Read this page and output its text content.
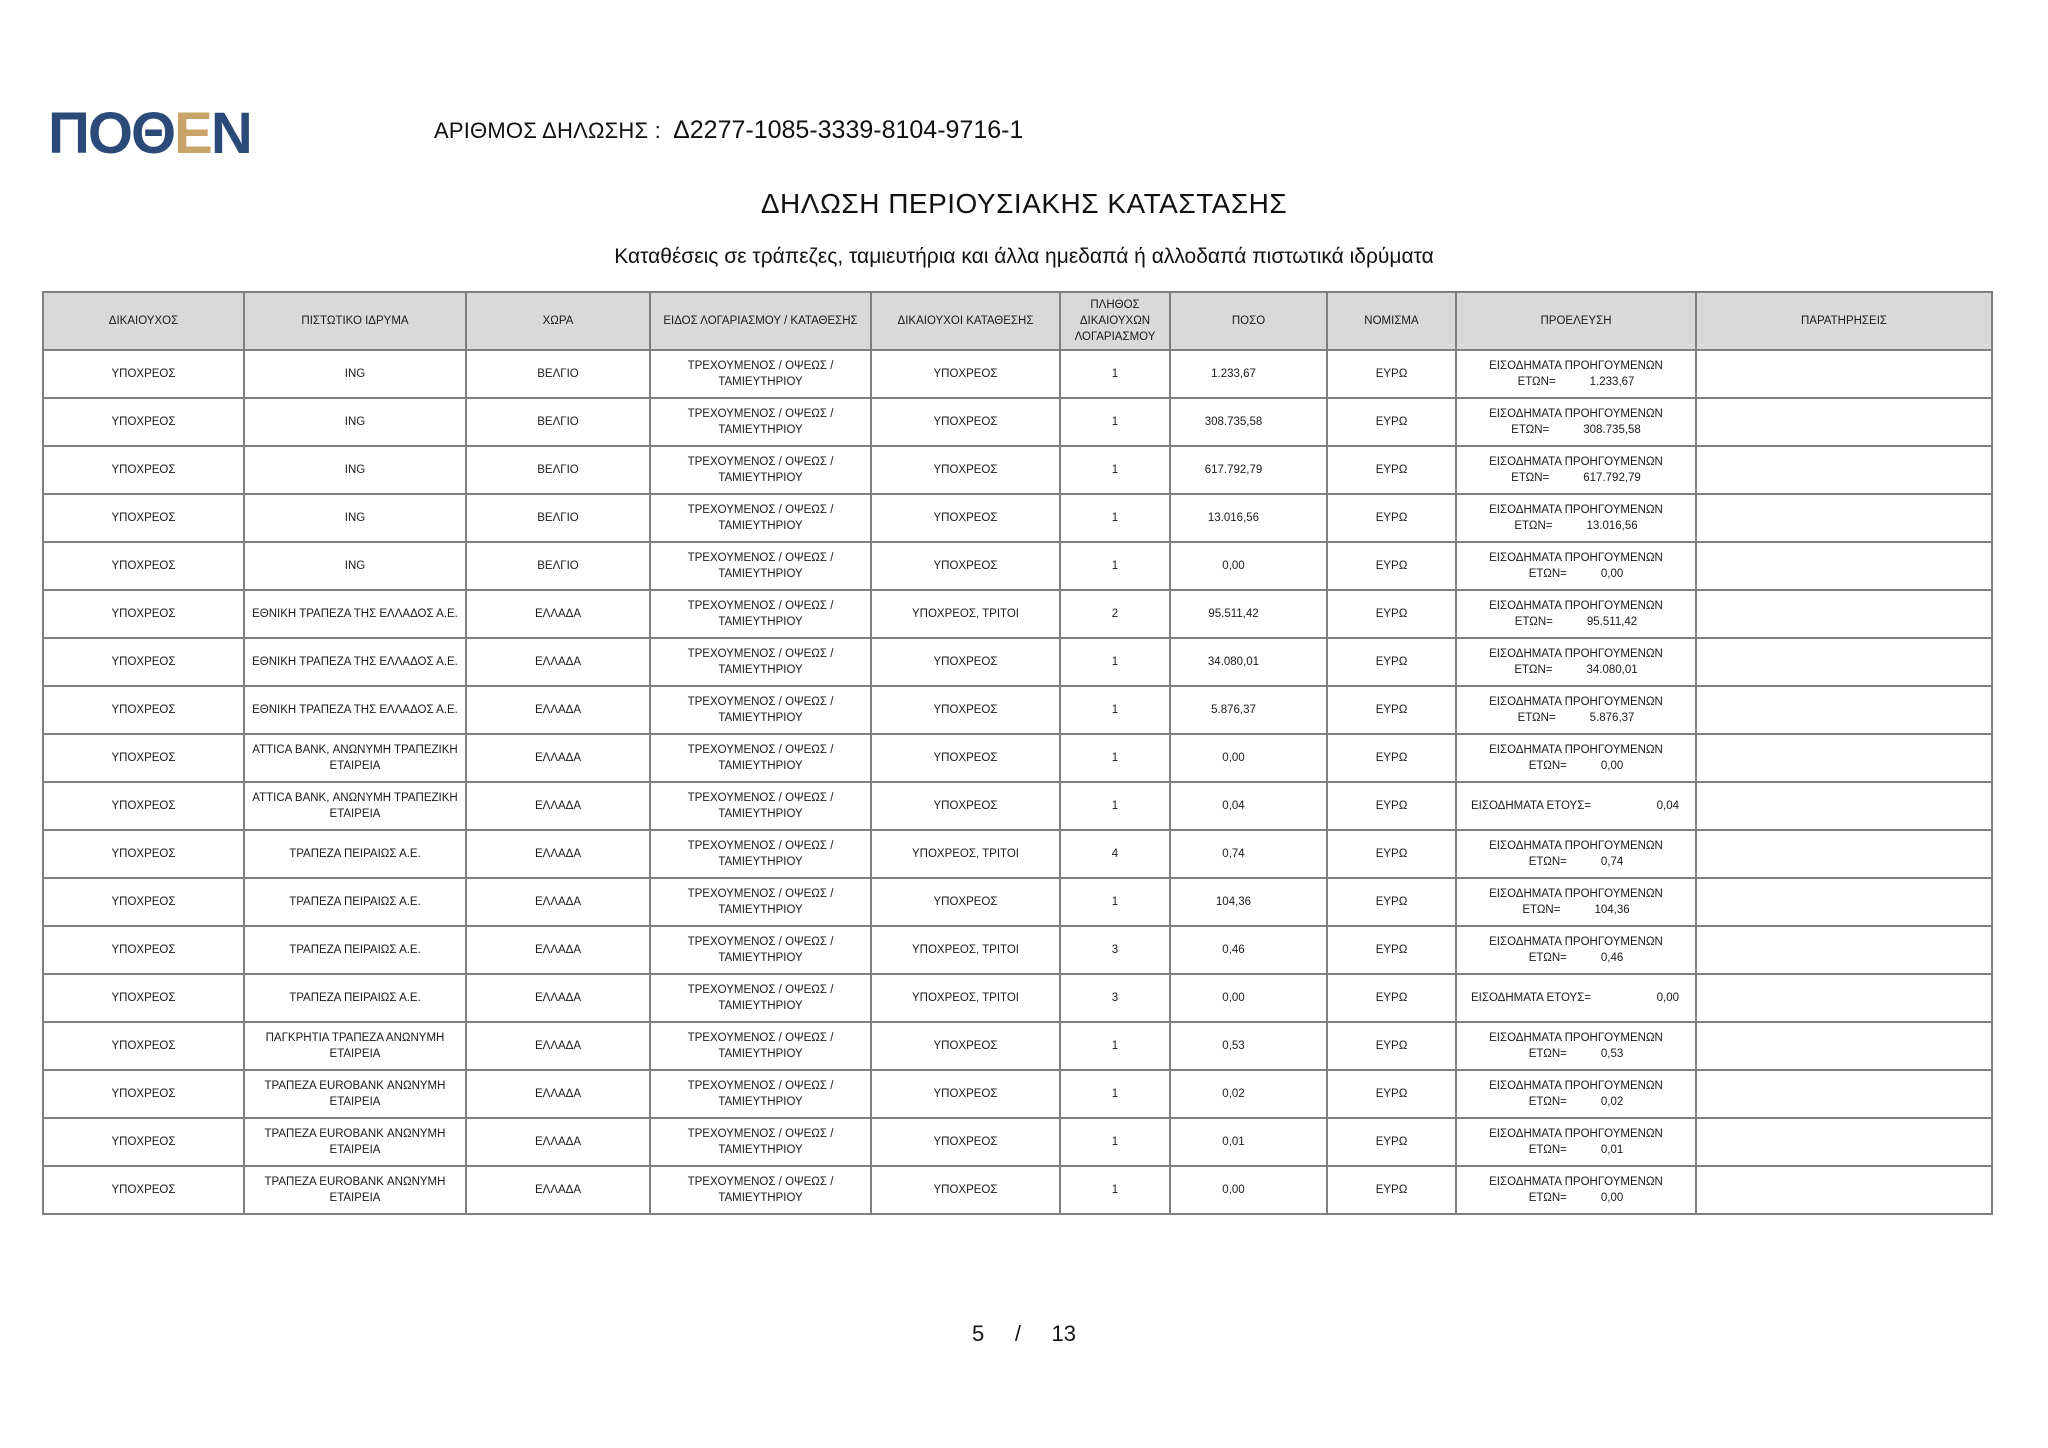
ΠΟΘ Ε Ν	ΑΡΙΘΜΟΣ ΔΗΛΩΣΗΣ : Δ2277-1085-3339-8104-9716-1
ΔΗΛΩΣΗ ΠΕΡΙΟΥΣΙΑΚΗΣ ΚΑΤΑΣΤΑΣΗΣ
Καταθέσεις σε τράπεζες, ταμιευτήρια και άλλα ημεδαπά ή αλλοδαπά πιστωτικά ιδρύματα
ΔΙΚΑΙΟΥΧΟΣ	ΠΙΣΤΩΤΙΚΟ ΙΔΡΥΜΑ	ΧΩΡΑ	ΕΙΔΟΣ ΛΟΓΑΡΙΑΣΜΟΥ / ΚΑΤΑΘΕΣΗΣ	ΔΙΚΑΙΟΥΧΟΙ ΚΑΤΑΘΕΣΗΣ	ΠΛΗΘΟΣ ΔΙΚΑΙΟΥΧΩΝ ΛΟΓΑΡΙΑΣΜΟΥ	ΠΟΣΟ	ΝΟΜΙΣΜΑ	ΠΡΟΕΛΕΥΣΗ	ΠΑΡΑΤΗΡΗΣΕΙΣ
ΥΠΟΧΡΕΟΣ	ING	ΒΕΛΓΙΟ	ΤΡΕΧΟΥΜΕΝΟΣ / ΟΨΕΩΣ / ΤΑΜΙΕΥΤΗΡΙΟΥ	ΥΠΟΧΡΕΟΣ	1	1.233,67	ΕΥΡΩ	ΕΙΣΟΔΗΜΑΤΑ ΠΡΟΗΓΟΥΜΕΝΩΝ
ΕΤΩΝ= 1.233,67	

ΥΠΟΧΡΕΟΣ	ING	ΒΕΛΓΙΟ	ΤΡΕΧΟΥΜΕΝΟΣ / ΟΨΕΩΣ / ΤΑΜΙΕΥΤΗΡΙΟΥ	ΥΠΟΧΡΕΟΣ	1	308.735,58	ΕΥΡΩ	ΕΙΣΟΔΗΜΑΤΑ ΠΡΟΗΓΟΥΜΕΝΩΝ
ΕΤΩΝ= 308.735,58	

ΥΠΟΧΡΕΟΣ	ING	ΒΕΛΓΙΟ	ΤΡΕΧΟΥΜΕΝΟΣ / ΟΨΕΩΣ / ΤΑΜΙΕΥΤΗΡΙΟΥ	ΥΠΟΧΡΕΟΣ	1	617.792,79	ΕΥΡΩ	ΕΙΣΟΔΗΜΑΤΑ ΠΡΟΗΓΟΥΜΕΝΩΝ
ΕΤΩΝ= 617.792,79	

ΥΠΟΧΡΕΟΣ	ING	ΒΕΛΓΙΟ	ΤΡΕΧΟΥΜΕΝΟΣ / ΟΨΕΩΣ / ΤΑΜΙΕΥΤΗΡΙΟΥ	ΥΠΟΧΡΕΟΣ	1	13.016,56	ΕΥΡΩ	ΕΙΣΟΔΗΜΑΤΑ ΠΡΟΗΓΟΥΜΕΝΩΝ
ΕΤΩΝ= 13.016,56	

ΥΠΟΧΡΕΟΣ	ING	ΒΕΛΓΙΟ	ΤΡΕΧΟΥΜΕΝΟΣ / ΟΨΕΩΣ / ΤΑΜΙΕΥΤΗΡΙΟΥ	ΥΠΟΧΡΕΟΣ	1	0,00	ΕΥΡΩ	ΕΙΣΟΔΗΜΑΤΑ ΠΡΟΗΓΟΥΜΕΝΩΝ
ΕΤΩΝ= 0,00	

ΥΠΟΧΡΕΟΣ	ΕΘΝΙΚΗ ΤΡΑΠΕΖΑ ΤΗΣ ΕΛΛΑΔΟΣ Α.Ε.	ΕΛΛΑΔΑ	ΤΡΕΧΟΥΜΕΝΟΣ / ΟΨΕΩΣ / ΤΑΜΙΕΥΤΗΡΙΟΥ	ΥΠΟΧΡΕΟΣ, ΤΡΙΤΟΙ	2	95.511,42	ΕΥΡΩ	ΕΙΣΟΔΗΜΑΤΑ ΠΡΟΗΓΟΥΜΕΝΩΝ
ΕΤΩΝ= 95.511,42	

ΥΠΟΧΡΕΟΣ	ΕΘΝΙΚΗ ΤΡΑΠΕΖΑ ΤΗΣ ΕΛΛΑΔΟΣ Α.Ε.	ΕΛΛΑΔΑ	ΤΡΕΧΟΥΜΕΝΟΣ / ΟΨΕΩΣ / ΤΑΜΙΕΥΤΗΡΙΟΥ	ΥΠΟΧΡΕΟΣ	1	34.080,01	ΕΥΡΩ	ΕΙΣΟΔΗΜΑΤΑ ΠΡΟΗΓΟΥΜΕΝΩΝ
ΕΤΩΝ= 34.080,01	

ΥΠΟΧΡΕΟΣ	ΕΘΝΙΚΗ ΤΡΑΠΕΖΑ ΤΗΣ ΕΛΛΑΔΟΣ Α.Ε.	ΕΛΛΑΔΑ	ΤΡΕΧΟΥΜΕΝΟΣ / ΟΨΕΩΣ / ΤΑΜΙΕΥΤΗΡΙΟΥ	ΥΠΟΧΡΕΟΣ	1	5.876,37	ΕΥΡΩ	ΕΙΣΟΔΗΜΑΤΑ ΠΡΟΗΓΟΥΜΕΝΩΝ
ΕΤΩΝ= 5.876,37	

ΥΠΟΧΡΕΟΣ	ATTICA BANK, ΑΝΩΝΥΜΗ ΤΡΑΠΕΖΙΚΗ ΕΤΑΙΡΕΙΑ	ΕΛΛΑΔΑ	ΤΡΕΧΟΥΜΕΝΟΣ / ΟΨΕΩΣ / ΤΑΜΙΕΥΤΗΡΙΟΥ	ΥΠΟΧΡΕΟΣ	1	0,00	ΕΥΡΩ	ΕΙΣΟΔΗΜΑΤΑ ΠΡΟΗΓΟΥΜΕΝΩΝ
ΕΤΩΝ= 0,00	

ΥΠΟΧΡΕΟΣ	ATTICA BANK, ΑΝΩΝΥΜΗ ΤΡΑΠΕΖΙΚΗ ΕΤΑΙΡΕΙΑ	ΕΛΛΑΔΑ	ΤΡΕΧΟΥΜΕΝΟΣ / ΟΨΕΩΣ / ΤΑΜΙΕΥΤΗΡΙΟΥ	ΥΠΟΧΡΕΟΣ	1	0,04	ΕΥΡΩ	ΕΙΣΟΔΗΜΑΤΑ ΕΤΟΥΣ= 0,04	

ΥΠΟΧΡΕΟΣ	ΤΡΑΠΕΖΑ ΠΕΙΡΑΙΩΣ Α.Ε.	ΕΛΛΑΔΑ	ΤΡΕΧΟΥΜΕΝΟΣ / ΟΨΕΩΣ / ΤΑΜΙΕΥΤΗΡΙΟΥ	ΥΠΟΧΡΕΟΣ, ΤΡΙΤΟΙ	4	0,74	ΕΥΡΩ	ΕΙΣΟΔΗΜΑΤΑ ΠΡΟΗΓΟΥΜΕΝΩΝ
ΕΤΩΝ= 0,74	

ΥΠΟΧΡΕΟΣ	ΤΡΑΠΕΖΑ ΠΕΙΡΑΙΩΣ Α.Ε.	ΕΛΛΑΔΑ	ΤΡΕΧΟΥΜΕΝΟΣ / ΟΨΕΩΣ / ΤΑΜΙΕΥΤΗΡΙΟΥ	ΥΠΟΧΡΕΟΣ	1	104,36	ΕΥΡΩ	ΕΙΣΟΔΗΜΑΤΑ ΠΡΟΗΓΟΥΜΕΝΩΝ
ΕΤΩΝ= 104,36	

ΥΠΟΧΡΕΟΣ	ΤΡΑΠΕΖΑ ΠΕΙΡΑΙΩΣ Α.Ε.	ΕΛΛΑΔΑ	ΤΡΕΧΟΥΜΕΝΟΣ / ΟΨΕΩΣ / ΤΑΜΙΕΥΤΗΡΙΟΥ	ΥΠΟΧΡΕΟΣ, ΤΡΙΤΟΙ	3	0,46	ΕΥΡΩ	ΕΙΣΟΔΗΜΑΤΑ ΠΡΟΗΓΟΥΜΕΝΩΝ
ΕΤΩΝ= 0,46	

ΥΠΟΧΡΕΟΣ	ΤΡΑΠΕΖΑ ΠΕΙΡΑΙΩΣ Α.Ε.	ΕΛΛΑΔΑ	ΤΡΕΧΟΥΜΕΝΟΣ / ΟΨΕΩΣ / ΤΑΜΙΕΥΤΗΡΙΟΥ	ΥΠΟΧΡΕΟΣ, ΤΡΙΤΟΙ	3	0,00	ΕΥΡΩ	ΕΙΣΟΔΗΜΑΤΑ ΕΤΟΥΣ= 0,00	

ΥΠΟΧΡΕΟΣ	ΠΑΓΚΡΗΤΙΑ ΤΡΑΠΕΖΑ ΑΝΩΝΥΜΗ ΕΤΑΙΡΕΙΑ	ΕΛΛΑΔΑ	ΤΡΕΧΟΥΜΕΝΟΣ / ΟΨΕΩΣ / ΤΑΜΙΕΥΤΗΡΙΟΥ	ΥΠΟΧΡΕΟΣ	1	0,53	ΕΥΡΩ	ΕΙΣΟΔΗΜΑΤΑ ΠΡΟΗΓΟΥΜΕΝΩΝ
ΕΤΩΝ= 0,53	

ΥΠΟΧΡΕΟΣ	ΤΡΑΠΕΖΑ EUROBANK ΑΝΩΝΥΜΗ ΕΤΑΙΡΕΙΑ	ΕΛΛΑΔΑ	ΤΡΕΧΟΥΜΕΝΟΣ / ΟΨΕΩΣ / ΤΑΜΙΕΥΤΗΡΙΟΥ	ΥΠΟΧΡΕΟΣ	1	0,02	ΕΥΡΩ	ΕΙΣΟΔΗΜΑΤΑ ΠΡΟΗΓΟΥΜΕΝΩΝ
ΕΤΩΝ= 0,02	

ΥΠΟΧΡΕΟΣ	ΤΡΑΠΕΖΑ EUROBANK ΑΝΩΝΥΜΗ ΕΤΑΙΡΕΙΑ	ΕΛΛΑΔΑ	ΤΡΕΧΟΥΜΕΝΟΣ / ΟΨΕΩΣ / ΤΑΜΙΕΥΤΗΡΙΟΥ	ΥΠΟΧΡΕΟΣ	1	0,01	ΕΥΡΩ	ΕΙΣΟΔΗΜΑΤΑ ΠΡΟΗΓΟΥΜΕΝΩΝ
ΕΤΩΝ= 0,01	

ΥΠΟΧΡΕΟΣ	ΤΡΑΠΕΖΑ EUROBANK ΑΝΩΝΥΜΗ ΕΤΑΙΡΕΙΑ	ΕΛΛΑΔΑ	ΤΡΕΧΟΥΜΕΝΟΣ / ΟΨΕΩΣ / ΤΑΜΙΕΥΤΗΡΙΟΥ	ΥΠΟΧΡΕΟΣ	1	0,00	ΕΥΡΩ	ΕΙΣΟΔΗΜΑΤΑ ΠΡΟΗΓΟΥΜΕΝΩΝ
ΕΤΩΝ= 0,00	

5 / 13
